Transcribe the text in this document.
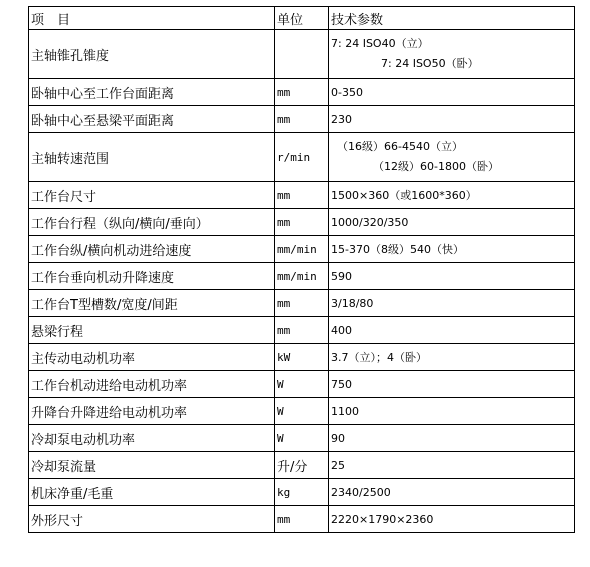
项　目	单位	技术参数
主轴锥孔锥度		7: 24 ISO40（立）
7: 24 ISO50（卧）

卧轴中心至工作台面距离	mm	0-350
卧轴中心至悬梁平面距离	mm	230
主轴转速范围	r/min	（16级）66-4540（立）
（12级）60-1800（卧）

工作台尺寸	mm	1500×360（或1600*360）
工作台行程（纵向/横向/垂向）	mm	1000/320/350
工作台纵/横向机动进给速度	mm/min	15-370（8级）540（快）
工作台垂向机动升降速度	mm/min	590
工作台T型槽数/宽度/间距	mm	3/18/80
悬梁行程	mm	400
主传动电动机功率	kW	3.7（立）；4（卧）
工作台机动进给电动机功率	W	750
升降台升降进给电动机功率	W	1100
冷却泵电动机功率	W	90
冷却泵流量	升/分	25
机床净重/毛重	kg	2340/2500
外形尺寸	mm	2220×1790×2360
